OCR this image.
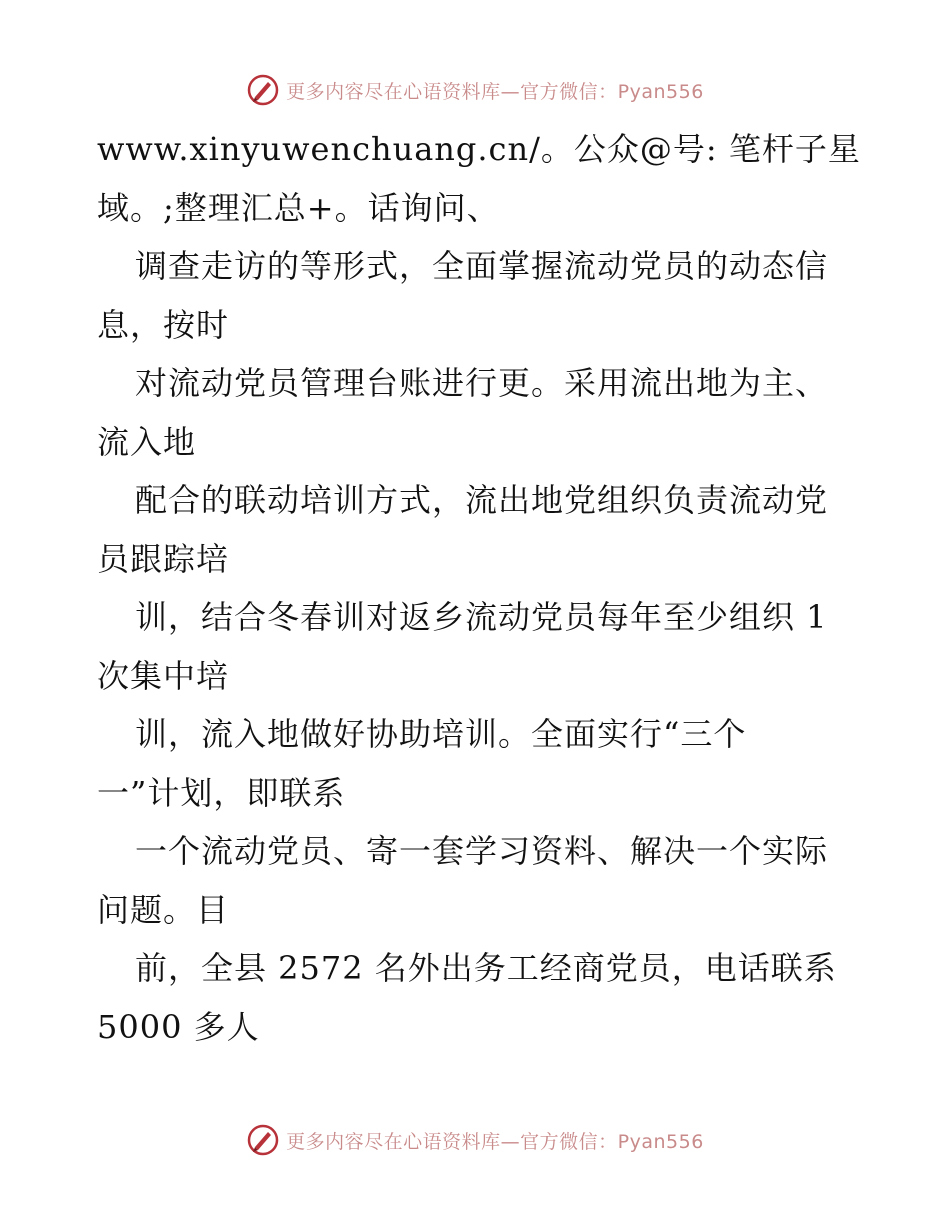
更多内容尽在心语资料库—官方微信：Pyan556
www.xinyuwenchuang.cn/。公众@号: 笔杆子星
域。;整理汇总+。话询问、
调查走访的等形式，全面掌握流动党员的动态信
息，按时
对流动党员管理台账进行更。采用流出地为主、
流入地
配合的联动培训方式，流出地党组织负责流动党
员跟踪培
训，结合冬春训对返乡流动党员每年至少组织 1
次集中培
训，流入地做好协助培训。全面实行“三个
一”计划，即联系
一个流动党员、寄一套学习资料、解决一个实际
问题。目
前，全县 2572 名外出务工经商党员，电话联系
5000 多人
更多内容尽在心语资料库—官方微信：Pyan556
